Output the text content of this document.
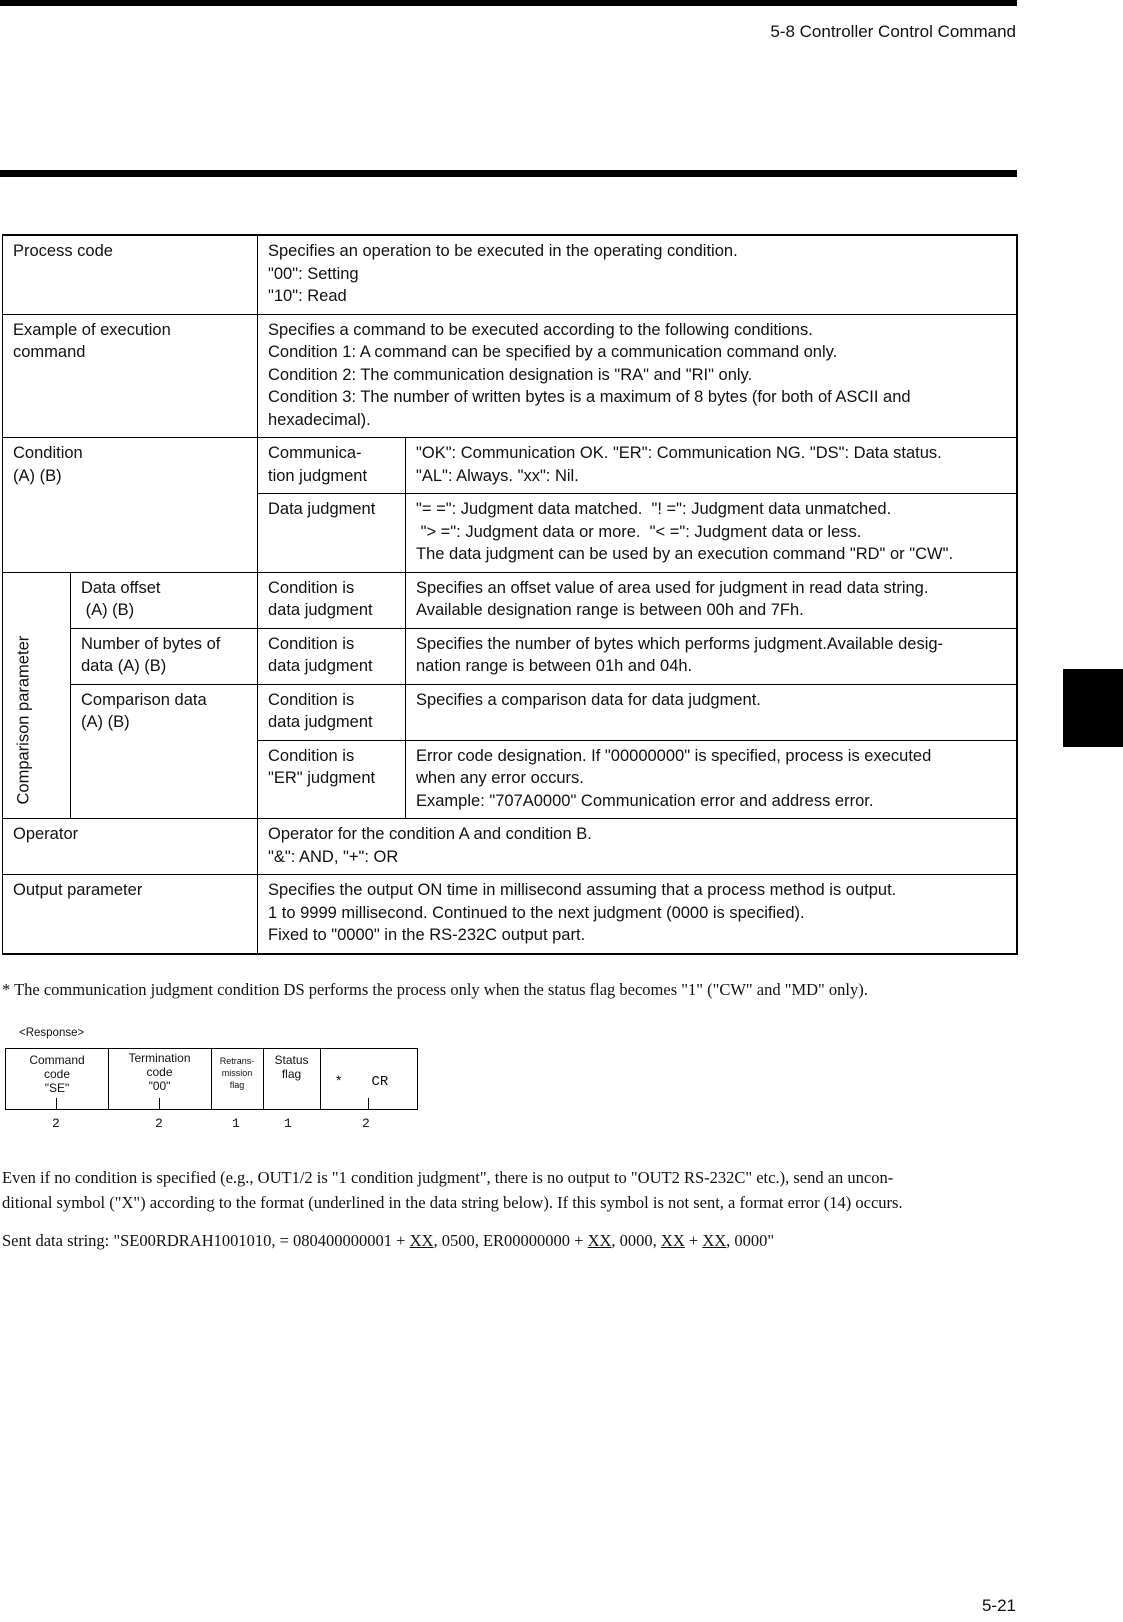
5-8 Controller Control Command
Process code		Specifies an operation to be executed in the operating condition.
"00": Setting
"10": Read	

Example of execution
command		Specifies a command to be executed according to the following conditions.
Condition 1: A command can be specified by a communication command only.
Condition 2: The communication designation is "RA" and "RI" only.
Condition 3: The number of written bytes is a maximum of 8 bytes (for both of ASCII and
hexadecimal).	

Condition
(A) (B)		Communica-
tion judgment	"OK": Communication OK. "ER": Communication NG. "DS": Data status.
"AL": Always. "xx": Nil.

		Data judgment	"= =": Judgment data matched.  "! =": Judgment data unmatched.
"> =": Judgment data or more.  "< =": Judgment data or less.
The data judgment can be used by an execution command "RD" or "CW".

Comparison parameter	Data offset
(A) (B)	Condition is
data judgment	Specifies an offset value of area used for judgment in read data string.
Available designation range is between 00h and 7Fh.

	Number of bytes of
data (A) (B)	Condition is
data judgment	Specifies the number of bytes which performs judgment.Available desig-
nation range is between 01h and 04h.

	Comparison data
(A) (B)	Condition is
data judgment	Specifies a comparison data for data judgment.

		Condition is
"ER" judgment	Error code designation. If "00000000" is specified, process is executed
when any error occurs.
Example: "707A0000" Communication error and address error.

Operator		Operator for the condition A and condition B.
"&": AND, "+": OR	

Output parameter		Specifies the output ON time in millisecond assuming that a process method is output.
1 to 9999 millisecond. Continued to the next judgment (0000 is specified).
Fixed to "0000" in the RS-232C output part.	
* The communication judgment condition DS performs the process only when the status flag becomes "1" ("CW" and "MD" only).
<Response>
Command
code
"SE"
Termination
code
"00"
Retrans-
mission
flag
Status
flag	* CR
2	2	1	1	2
Even if no condition is specified (e.g., OUT1/2 is "1 condition judgment", there is no output to "OUT2 RS-232C" etc.), send an uncon-
ditional symbol ("X") according to the format (underlined in the data string below). If this symbol is not sent, a format error (14) occurs.
Sent data string: "SE00RDRAH1001010, = 080400000001 + XX, 0500, ER00000000 + XX, 0000, XX + XX, 0000"
5-21
